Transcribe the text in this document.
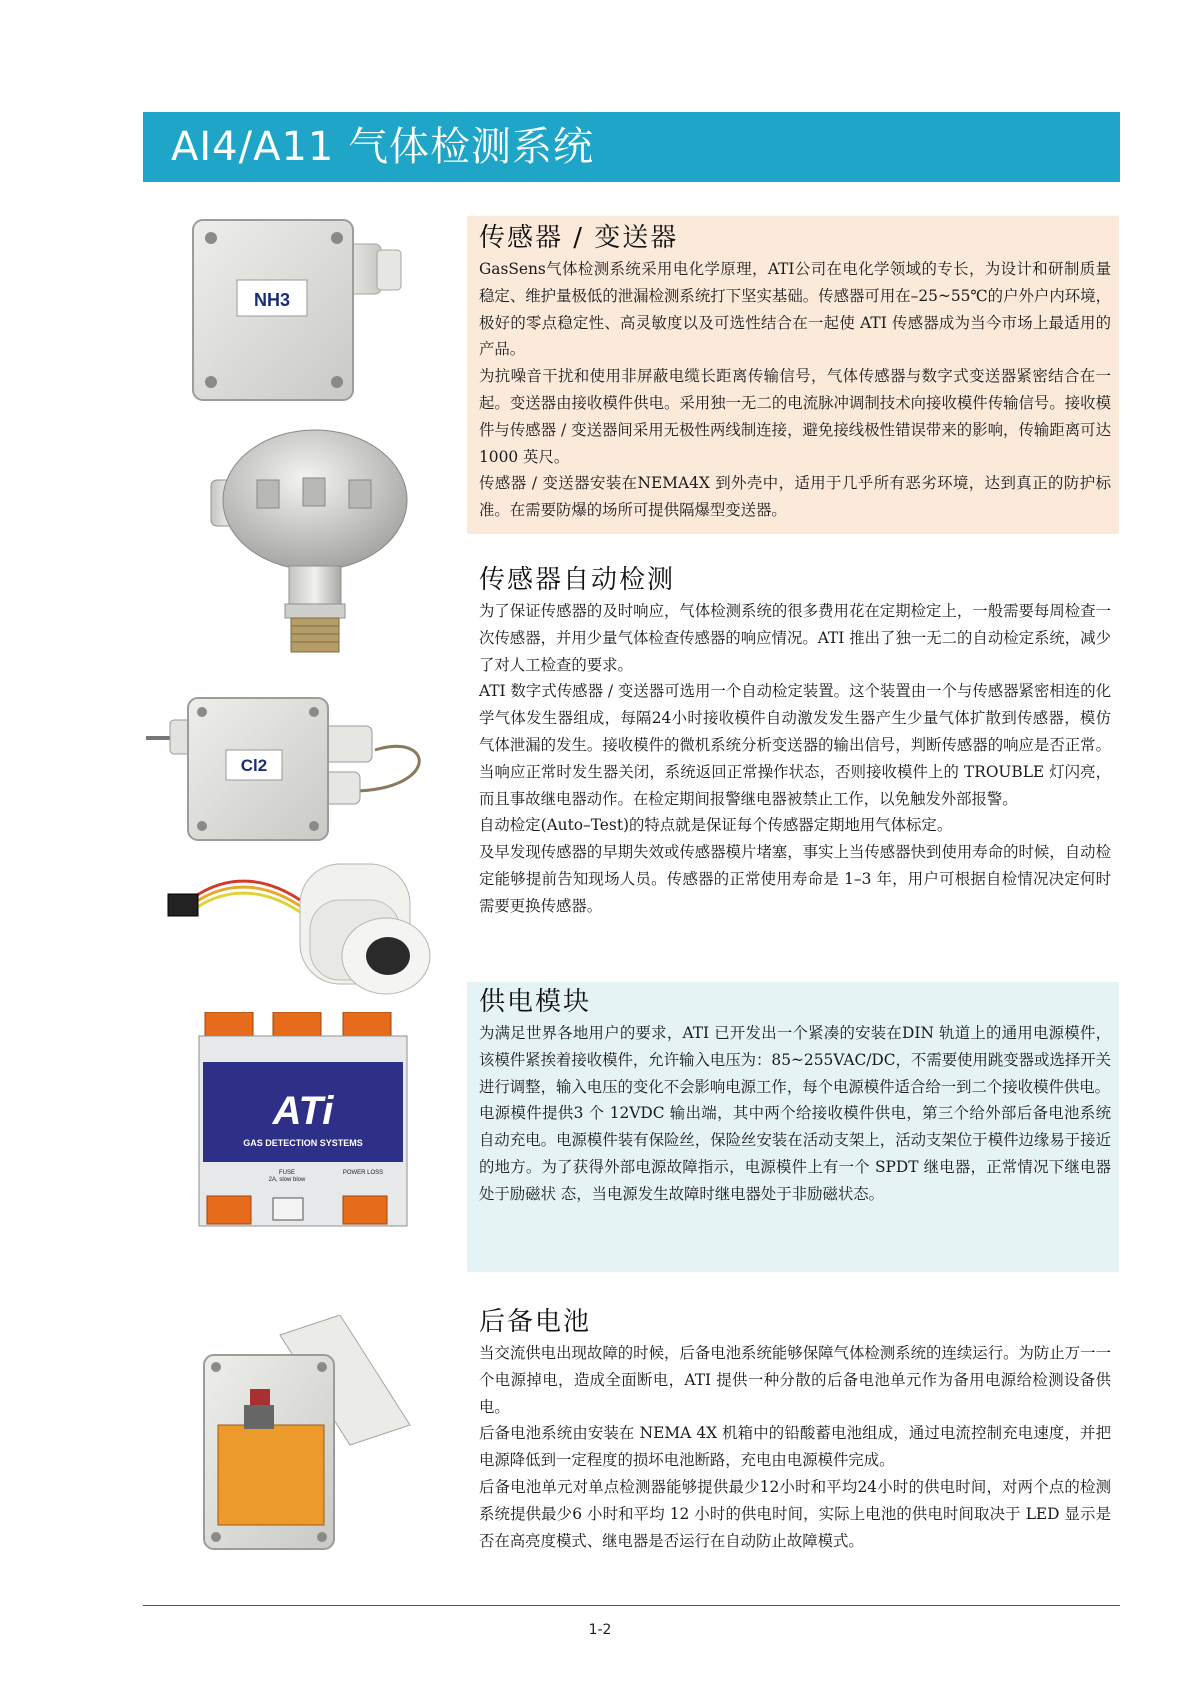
AI4/A11 气体检测系统
NH3
Cl2
ATi
GAS DETECTION SYSTEMS
FUSE
2A, slow blow
POWER LOSS
传感器 / 变送器

GasSens气体检测系统采用电化学原理，ATI公司在电化学领域的专长，为设计和研制质量稳定、维护量极低的泄漏检测系统打下坚实基础。传感器可用在–25~55℃的户外户内环境，极好的零点稳定性、高灵敏度以及可选性结合在一起使 ATI 传感器成为当今市场上最适用的产品。

为抗噪音干扰和使用非屏蔽电缆长距离传输信号，气体传感器与数字式变送器紧密结合在一起。变送器由接收模件供电。采用独一无二的电流脉冲调制技术向接收模件传输信号。接收模件与传感器 / 变送器间采用无极性两线制连接，避免接线极性错误带来的影响，传输距离可达 1000 英尺。

传感器 / 变送器安装在NEMA4X 到外壳中，适用于几乎所有恶劣环境，达到真正的防护标准。在需要防爆的场所可提供隔爆型变送器。

传感器自动检测

为了保证传感器的及时响应，气体检测系统的很多费用花在定期检定上，一般需要每周检查一次传感器，并用少量气体检查传感器的响应情况。ATI 推出了独一无二的自动检定系统，减少了对人工检查的要求。

ATI 数字式传感器 / 变送器可选用一个自动检定装置。这个装置由一个与传感器紧密相连的化学气体发生器组成，每隔24小时接收模件自动激发发生器产生少量气体扩散到传感器，模仿气体泄漏的发生。接收模件的微机系统分析变送器的输出信号，判断传感器的响应是否正常。当响应正常时发生器关闭，系统返回正常操作状态，否则接收模件上的 TROUBLE 灯闪亮，而且事故继电器动作。在检定期间报警继电器被禁止工作，以免触发外部报警。

自动检定(Auto–Test)的特点就是保证每个传感器定期地用气体标定。

及早发现传感器的早期失效或传感器模片堵塞，事实上当传感器快到使用寿命的时候，自动检定能够提前告知现场人员。传感器的正常使用寿命是 1–3 年，用户可根据自检情况决定何时需要更换传感器。

供电模块

为满足世界各地用户的要求，ATI 已开发出一个紧凑的安装在DIN 轨道上的通用电源模件，该模件紧挨着接收模件，允许输入电压为：85~255VAC/DC，不需要使用跳变器或选择开关进行调整，输入电压的变化不会影响电源工作，每个电源模件适合给一到二个接收模件供电。

电源模件提供3 个 12VDC 输出端，其中两个给接收模件供电，第三个给外部后备电池系统自动充电。电源模件装有保险丝，保险丝安装在活动支架上，活动支架位于模件边缘易于接近的地方。为了获得外部电源故障指示，电源模件上有一个 SPDT 继电器，正常情况下继电器处于励磁状 态，当电源发生故障时继电器处于非励磁状态。

后备电池

当交流供电出现故障的时候，后备电池系统能够保障气体检测系统的连续运行。为防止万一一个电源掉电，造成全面断电，ATI 提供一种分散的后备电池单元作为备用电源给检测设备供电。

后备电池系统由安装在 NEMA 4X 机箱中的铅酸蓄电池组成，通过电流控制充电速度，并把电源降低到一定程度的损坏电池断路，充电由电源模件完成。

后备电池单元对单点检测器能够提供最少12小时和平均24小时的供电时间，对两个点的检测系统提供最少6 小时和平均 12 小时的供电时间，实际上电池的供电时间取决于 LED 显示是否在高亮度模式、继电器是否运行在自动防止故障模式。

1-2
